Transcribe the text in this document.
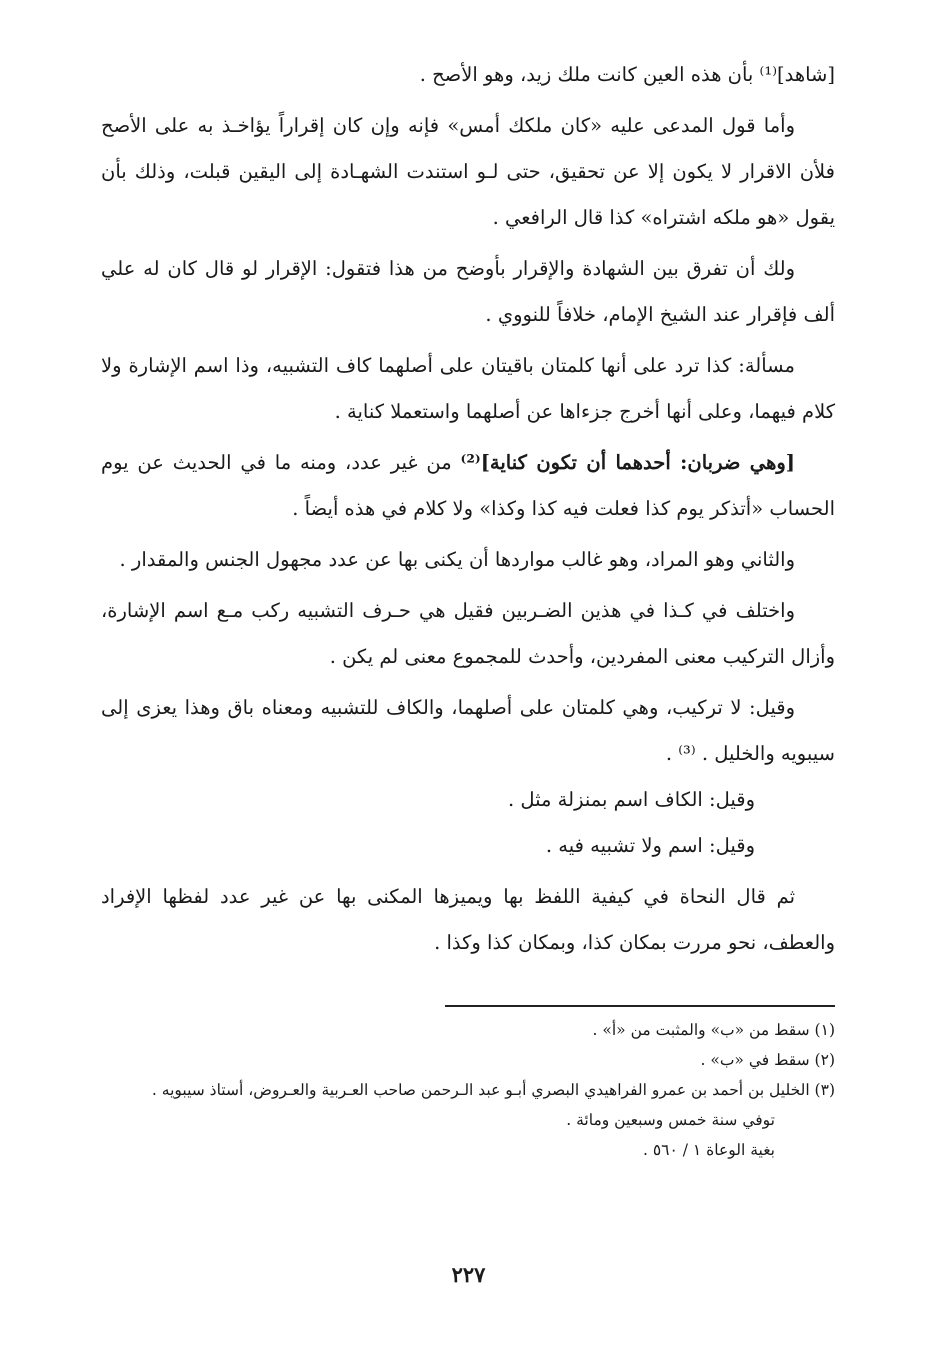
[شاهد]⁽¹⁾ بأن هذه العين كانت ملك زيد، وهو الأصح .

وأما قول المدعى عليه «كان ملكك أمس» فإنه وإن كان إقراراً يؤاخـذ به على الأصح فلأن الاقرار لا يكون إلا عن تحقيق، حتى لـو استندت الشهـادة إلى اليقين قبلت، وذلك بأن يقول «هو ملكه اشتراه» كذا قال الرافعي .

ولك أن تفرق بين الشهادة والإقرار بأوضح من هذا فتقول: الإقرار لو قال كان له علي ألف فإقرار عند الشيخ الإمام، خلافاً للنووي .

مسألة: كذا ترد على أنها كلمتان باقيتان على أصلهما كاف التشبيه، وذا اسم الإشارة ولا كلام فيهما، وعلى أنها أخرج جزءاها عن أصلهما واستعملا كناية .

[وهي ضربان: أحدهما أن تكون كناية]⁽²⁾ من غير عدد، ومنه ما في الحديث عن يوم الحساب «أتذكر يوم كذا فعلت فيه كذا وكذا» ولا كلام في هذه أيضاً .

والثاني وهو المراد، وهو غالب مواردها أن يكنى بها عن عدد مجهول الجنس والمقدار .

واختلف في كـذا في هذين الضـربين فقيل هي حـرف التشبيه ركب مـع اسم الإشارة، وأزال التركيب معنى المفردين، وأحدث للمجموع معنى لم يكن .

وقيل: لا تركيب، وهي كلمتان على أصلهما، والكاف للتشبيه ومعناه باق وهذا يعزى إلى سيبويه والخليل . ⁽³⁾ .

وقيل: الكاف اسم بمنزلة مثل .

وقيل: اسم ولا تشبيه فيه .

ثم قال النحاة في كيفية اللفظ بها ويميزها المكنى بها عن غير عدد لفظها الإفراد والعطف، نحو مررت بمكان كذا، وبمكان كذا وكذا .

(١) سقط من «ب» والمثبت من «أ» .

(٢) سقط في «ب» .

(٣) الخليل بن أحمد بن عمرو الفراهيدي البصري أبـو عبد الـرحمن صاحب العـربية والعـروض، أستاذ سيبويه .

توفي سنة خمس وسبعين ومائة .

بغية الوعاة ١ / ٥٦٠ .

٢٢٧
